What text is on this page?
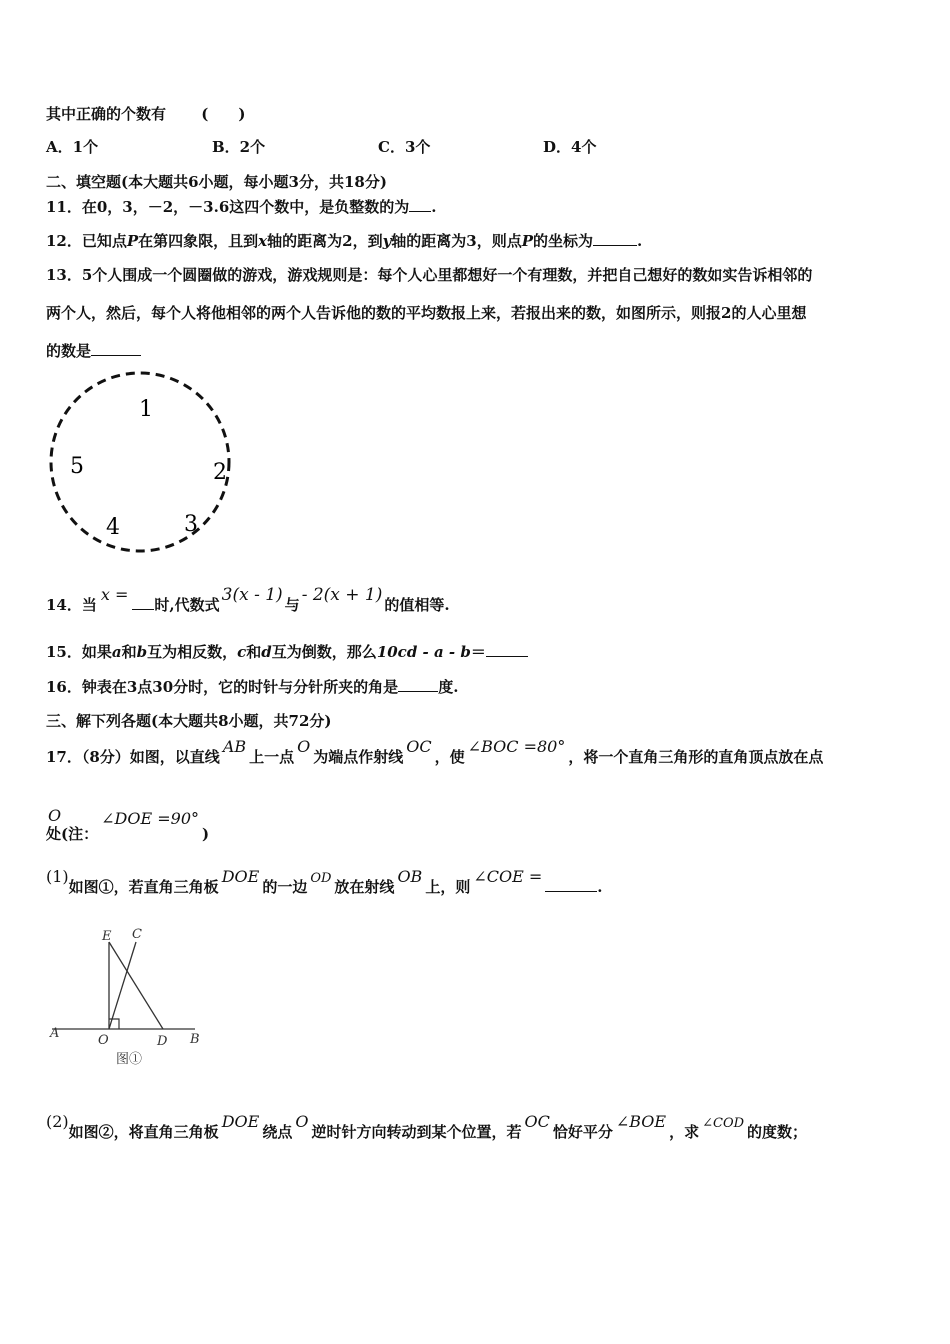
其中正确的个数有 (　　)
A．1个	B．2个	C．3个	D．4个
二、填空题(本大题共6小题，每小题3分，共18分)
11．在0，3，－2，－3.6这四个数中，是负整数的为 .
12．已知点P在第四象限，且到x轴的距离为2，到y轴的距离为3，则点P的坐标为	.
13．5个人围成一个圆圈做的游戏，游戏规则是：每个人心里都想好一个有理数，并把自己想好的数如实告诉相邻的
两个人，然后，每个人将他相邻的两个人告诉他的数的平均数报上来，若报出来的数，如图所示，则报2的人心里想
的数是
1
2
3
4
5
14．当x =时,代数式 3(x - 1) 与 - 2(x + 1) 的值相等.
15．如果a和b互为相反数，c和d互为倒数，那么10cd - a - b＝
16．钟表在3点30分时，它的时针与分针所夹的角是	度.
三、解下列各题(本大题共8小题，共72分)
17．（8分）如图，以直线AB上一点O为端点作射线OC，使∠BOC =80°，将一个直角三角形的直角顶点放在点
O
处(注：∠DOE =90°)
(1)如图①，若直角三角板DOE的一边 OD 放在射线OB上，则∠COE =.
E C
A	O	D B
图①
(2)如图②，将直角三角板DOE绕点O逆时针方向转动到某个位置，若OC恰好平分∠BOE，求 ∠COD 的度数；
